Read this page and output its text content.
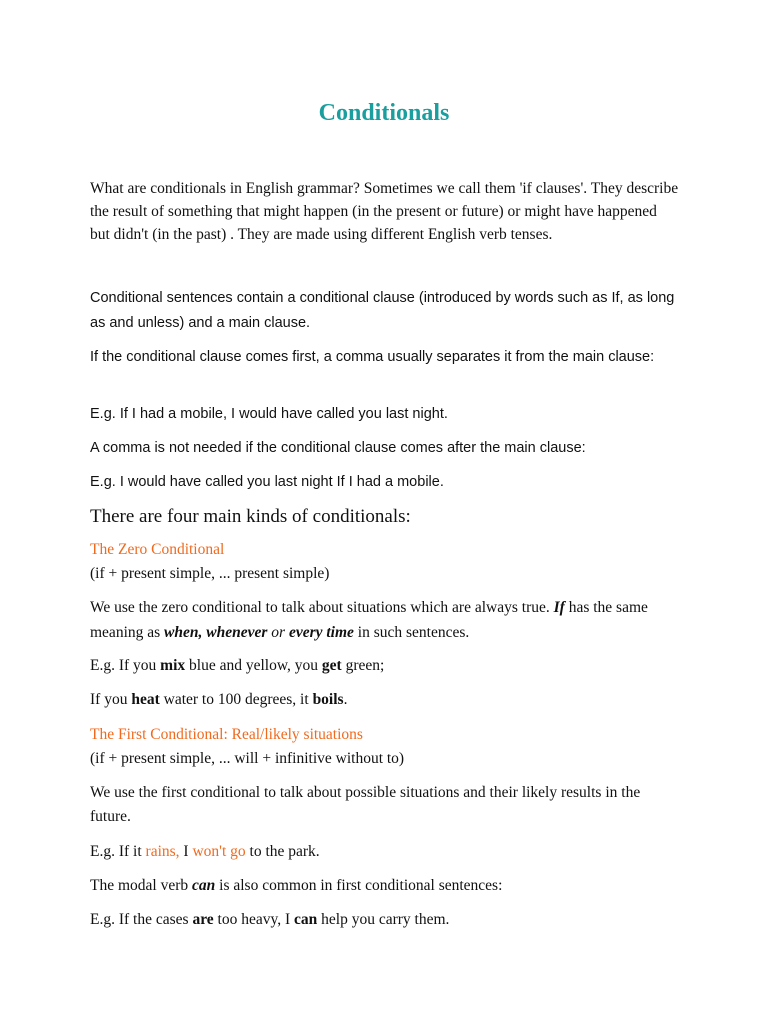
Conditionals

What are conditionals in English grammar? Sometimes we call them 'if clauses'. They describe the result of something that might happen (in the present or future) or might have happened but didn't (in the past) . They are made using different English verb tenses.

Conditional sentences contain a conditional clause (introduced by words such as If, as long as and unless) and a main clause.

If the conditional clause comes first, a comma usually separates it from the main clause:

E.g. If I had a mobile, I would have called you last night.

A comma is not needed if the conditional clause comes after the main clause:

E.g. I would have called you last night If I had a mobile.

There are four main kinds of conditionals:

The Zero Conditional

(if + present simple, ... present simple)

We use the zero conditional to talk about situations which are always true. If has the same meaning as when, whenever or every time in such sentences.

E.g. If you mix blue and yellow, you get green;

If you heat water to 100 degrees, it boils.

The First Conditional: Real/likely situations

(if + present simple, ... will + infinitive without to)

We use the first conditional to talk about possible situations and their likely results in the future.

E.g. If it rains, I won't go to the park.

The modal verb can is also common in first conditional sentences:

E.g. If the cases are too heavy, I can help you carry them.
